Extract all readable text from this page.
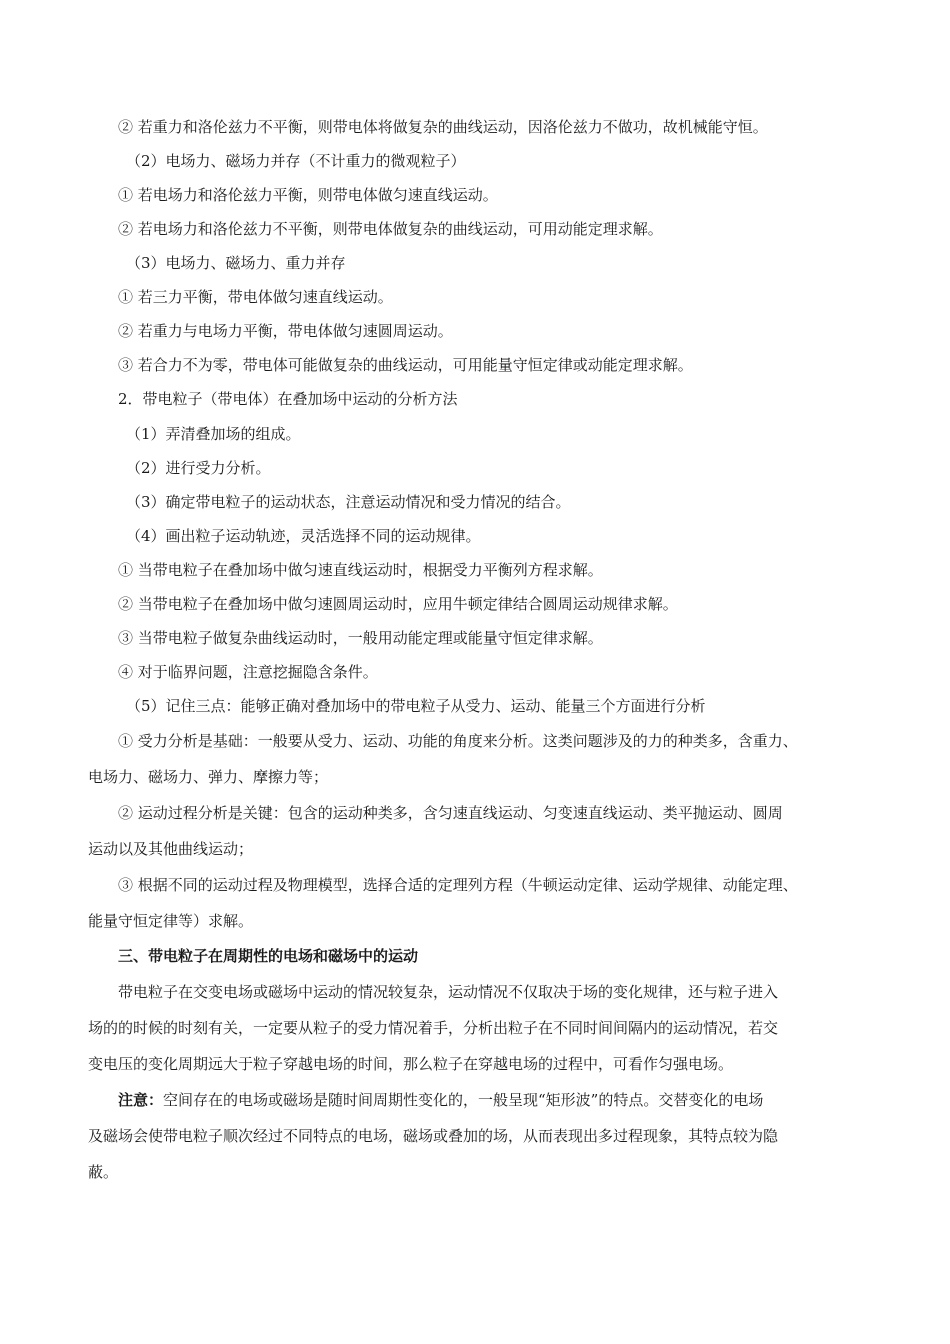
② 若重力和洛伦兹力不平衡，则带电体将做复杂的曲线运动，因洛伦兹力不做功，故机械能守恒。
（2）电场力、磁场力并存（不计重力的微观粒子）
① 若电场力和洛伦兹力平衡，则带电体做匀速直线运动。
② 若电场力和洛伦兹力不平衡，则带电体做复杂的曲线运动，可用动能定理求解。
（3）电场力、磁场力、重力并存
① 若三力平衡，带电体做匀速直线运动。
② 若重力与电场力平衡，带电体做匀速圆周运动。
③ 若合力不为零，带电体可能做复杂的曲线运动，可用能量守恒定律或动能定理求解。
2．带电粒子（带电体）在叠加场中运动的分析方法
（1）弄清叠加场的组成。
（2）进行受力分析。
（3）确定带电粒子的运动状态，注意运动情况和受力情况的结合。
（4）画出粒子运动轨迹，灵活选择不同的运动规律。
① 当带电粒子在叠加场中做匀速直线运动时，根据受力平衡列方程求解。
② 当带电粒子在叠加场中做匀速圆周运动时，应用牛顿定律结合圆周运动规律求解。
③ 当带电粒子做复杂曲线运动时，一般用动能定理或能量守恒定律求解。
④ 对于临界问题，注意挖掘隐含条件。
（5）记住三点：能够正确对叠加场中的带电粒子从受力、运动、能量三个方面进行分析
① 受力分析是基础：一般要从受力、运动、功能的角度来分析。这类问题涉及的力的种类多，含重力、
电场力、磁场力、弹力、摩擦力等；
② 运动过程分析是关键：包含的运动种类多，含匀速直线运动、匀变速直线运动、类平抛运动、圆周
运动以及其他曲线运动；
③ 根据不同的运动过程及物理模型，选择合适的定理列方程（牛顿运动定律、运动学规律、动能定理、
能量守恒定律等）求解。
三、带电粒子在周期性的电场和磁场中的运动
带电粒子在交变电场或磁场中运动的情况较复杂，运动情况不仅取决于场的变化规律，还与粒子进入
场的的时候的时刻有关，一定要从粒子的受力情况着手，分析出粒子在不同时间间隔内的运动情况，若交
变电压的变化周期远大于粒子穿越电场的时间，那么粒子在穿越电场的过程中，可看作匀强电场。
注意：空间存在的电场或磁场是随时间周期性变化的，一般呈现“矩形波”的特点。交替变化的电场
及磁场会使带电粒子顺次经过不同特点的电场，磁场或叠加的场，从而表现出多过程现象，其特点较为隐
蔽。
